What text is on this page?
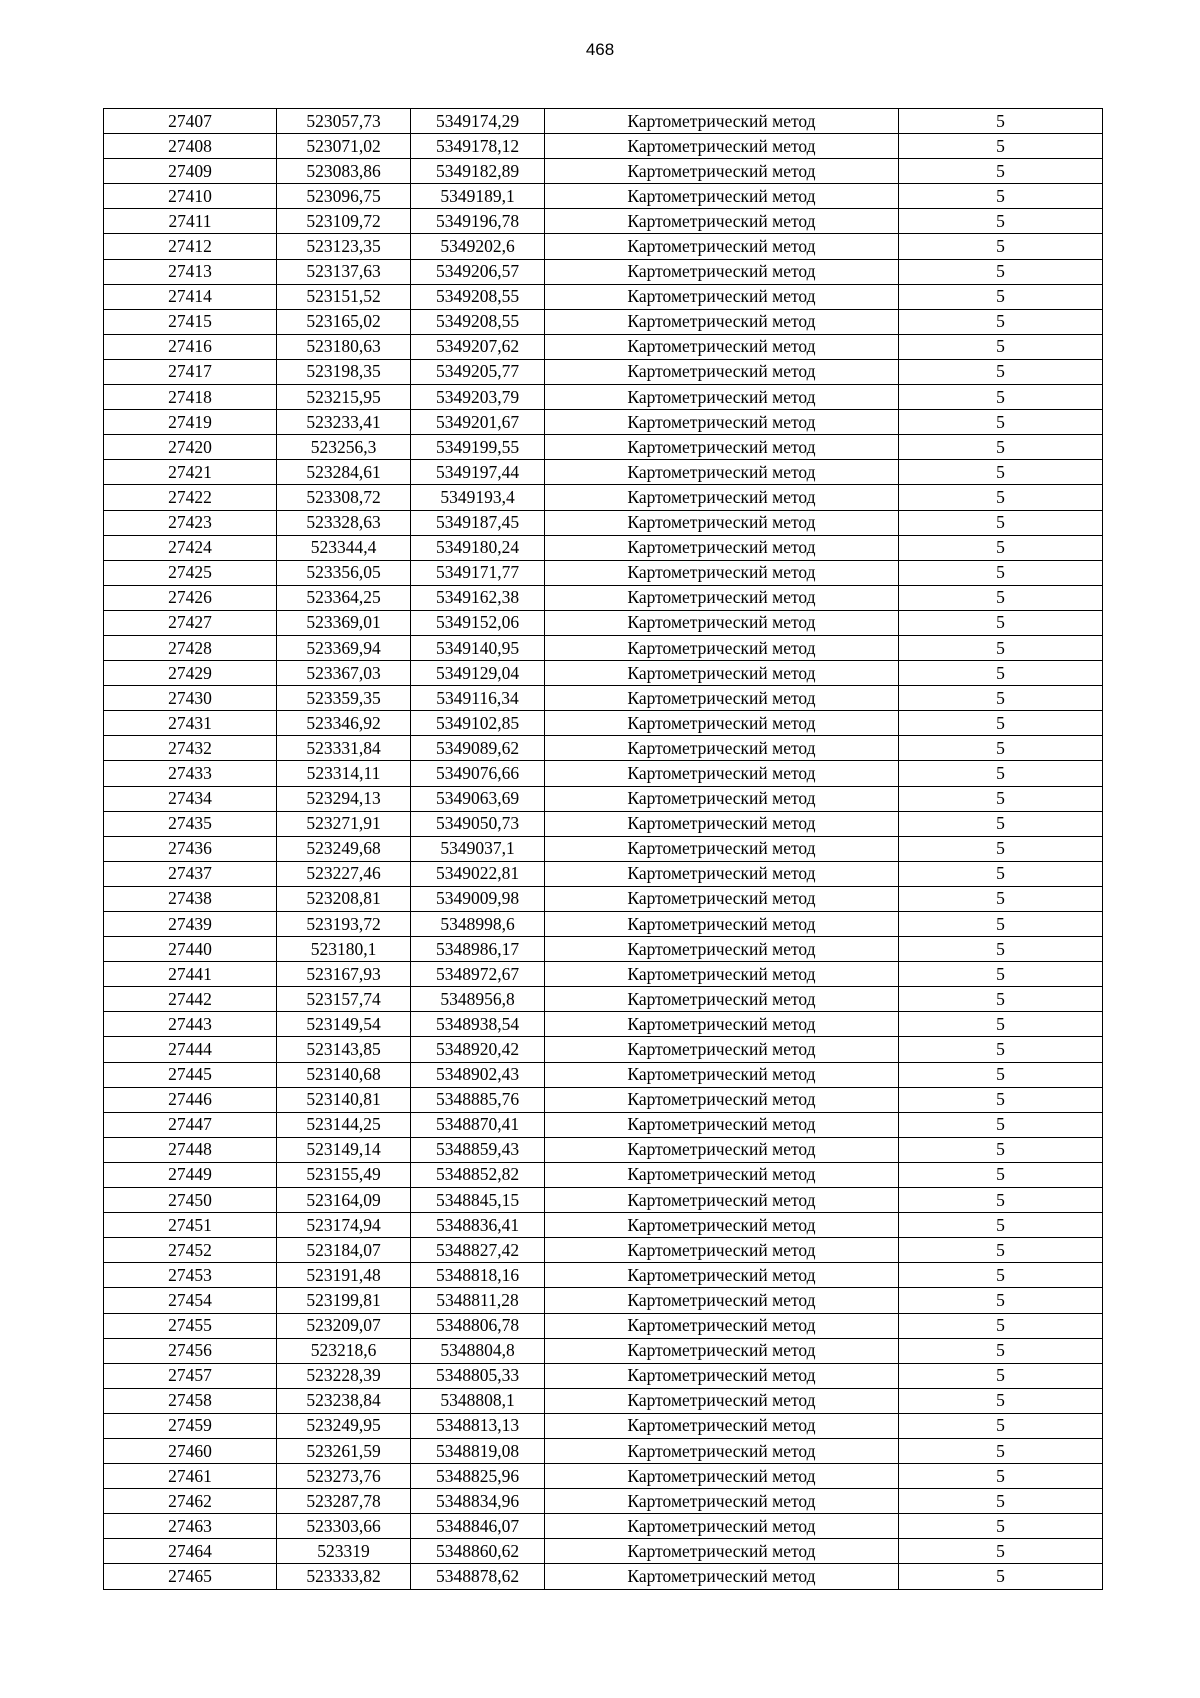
468
27407	523057,73	5349174,29	Картометрический метод	5
27408	523071,02	5349178,12	Картометрический метод	5
27409	523083,86	5349182,89	Картометрический метод	5
27410	523096,75	5349189,1	Картометрический метод	5
27411	523109,72	5349196,78	Картометрический метод	5
27412	523123,35	5349202,6	Картометрический метод	5
27413	523137,63	5349206,57	Картометрический метод	5
27414	523151,52	5349208,55	Картометрический метод	5
27415	523165,02	5349208,55	Картометрический метод	5
27416	523180,63	5349207,62	Картометрический метод	5
27417	523198,35	5349205,77	Картометрический метод	5
27418	523215,95	5349203,79	Картометрический метод	5
27419	523233,41	5349201,67	Картометрический метод	5
27420	523256,3	5349199,55	Картометрический метод	5
27421	523284,61	5349197,44	Картометрический метод	5
27422	523308,72	5349193,4	Картометрический метод	5
27423	523328,63	5349187,45	Картометрический метод	5
27424	523344,4	5349180,24	Картометрический метод	5
27425	523356,05	5349171,77	Картометрический метод	5
27426	523364,25	5349162,38	Картометрический метод	5
27427	523369,01	5349152,06	Картометрический метод	5
27428	523369,94	5349140,95	Картометрический метод	5
27429	523367,03	5349129,04	Картометрический метод	5
27430	523359,35	5349116,34	Картометрический метод	5
27431	523346,92	5349102,85	Картометрический метод	5
27432	523331,84	5349089,62	Картометрический метод	5
27433	523314,11	5349076,66	Картометрический метод	5
27434	523294,13	5349063,69	Картометрический метод	5
27435	523271,91	5349050,73	Картометрический метод	5
27436	523249,68	5349037,1	Картометрический метод	5
27437	523227,46	5349022,81	Картометрический метод	5
27438	523208,81	5349009,98	Картометрический метод	5
27439	523193,72	5348998,6	Картометрический метод	5
27440	523180,1	5348986,17	Картометрический метод	5
27441	523167,93	5348972,67	Картометрический метод	5
27442	523157,74	5348956,8	Картометрический метод	5
27443	523149,54	5348938,54	Картометрический метод	5
27444	523143,85	5348920,42	Картометрический метод	5
27445	523140,68	5348902,43	Картометрический метод	5
27446	523140,81	5348885,76	Картометрический метод	5
27447	523144,25	5348870,41	Картометрический метод	5
27448	523149,14	5348859,43	Картометрический метод	5
27449	523155,49	5348852,82	Картометрический метод	5
27450	523164,09	5348845,15	Картометрический метод	5
27451	523174,94	5348836,41	Картометрический метод	5
27452	523184,07	5348827,42	Картометрический метод	5
27453	523191,48	5348818,16	Картометрический метод	5
27454	523199,81	5348811,28	Картометрический метод	5
27455	523209,07	5348806,78	Картометрический метод	5
27456	523218,6	5348804,8	Картометрический метод	5
27457	523228,39	5348805,33	Картометрический метод	5
27458	523238,84	5348808,1	Картометрический метод	5
27459	523249,95	5348813,13	Картометрический метод	5
27460	523261,59	5348819,08	Картометрический метод	5
27461	523273,76	5348825,96	Картометрический метод	5
27462	523287,78	5348834,96	Картометрический метод	5
27463	523303,66	5348846,07	Картометрический метод	5
27464	523319	5348860,62	Картометрический метод	5
27465	523333,82	5348878,62	Картометрический метод	5
